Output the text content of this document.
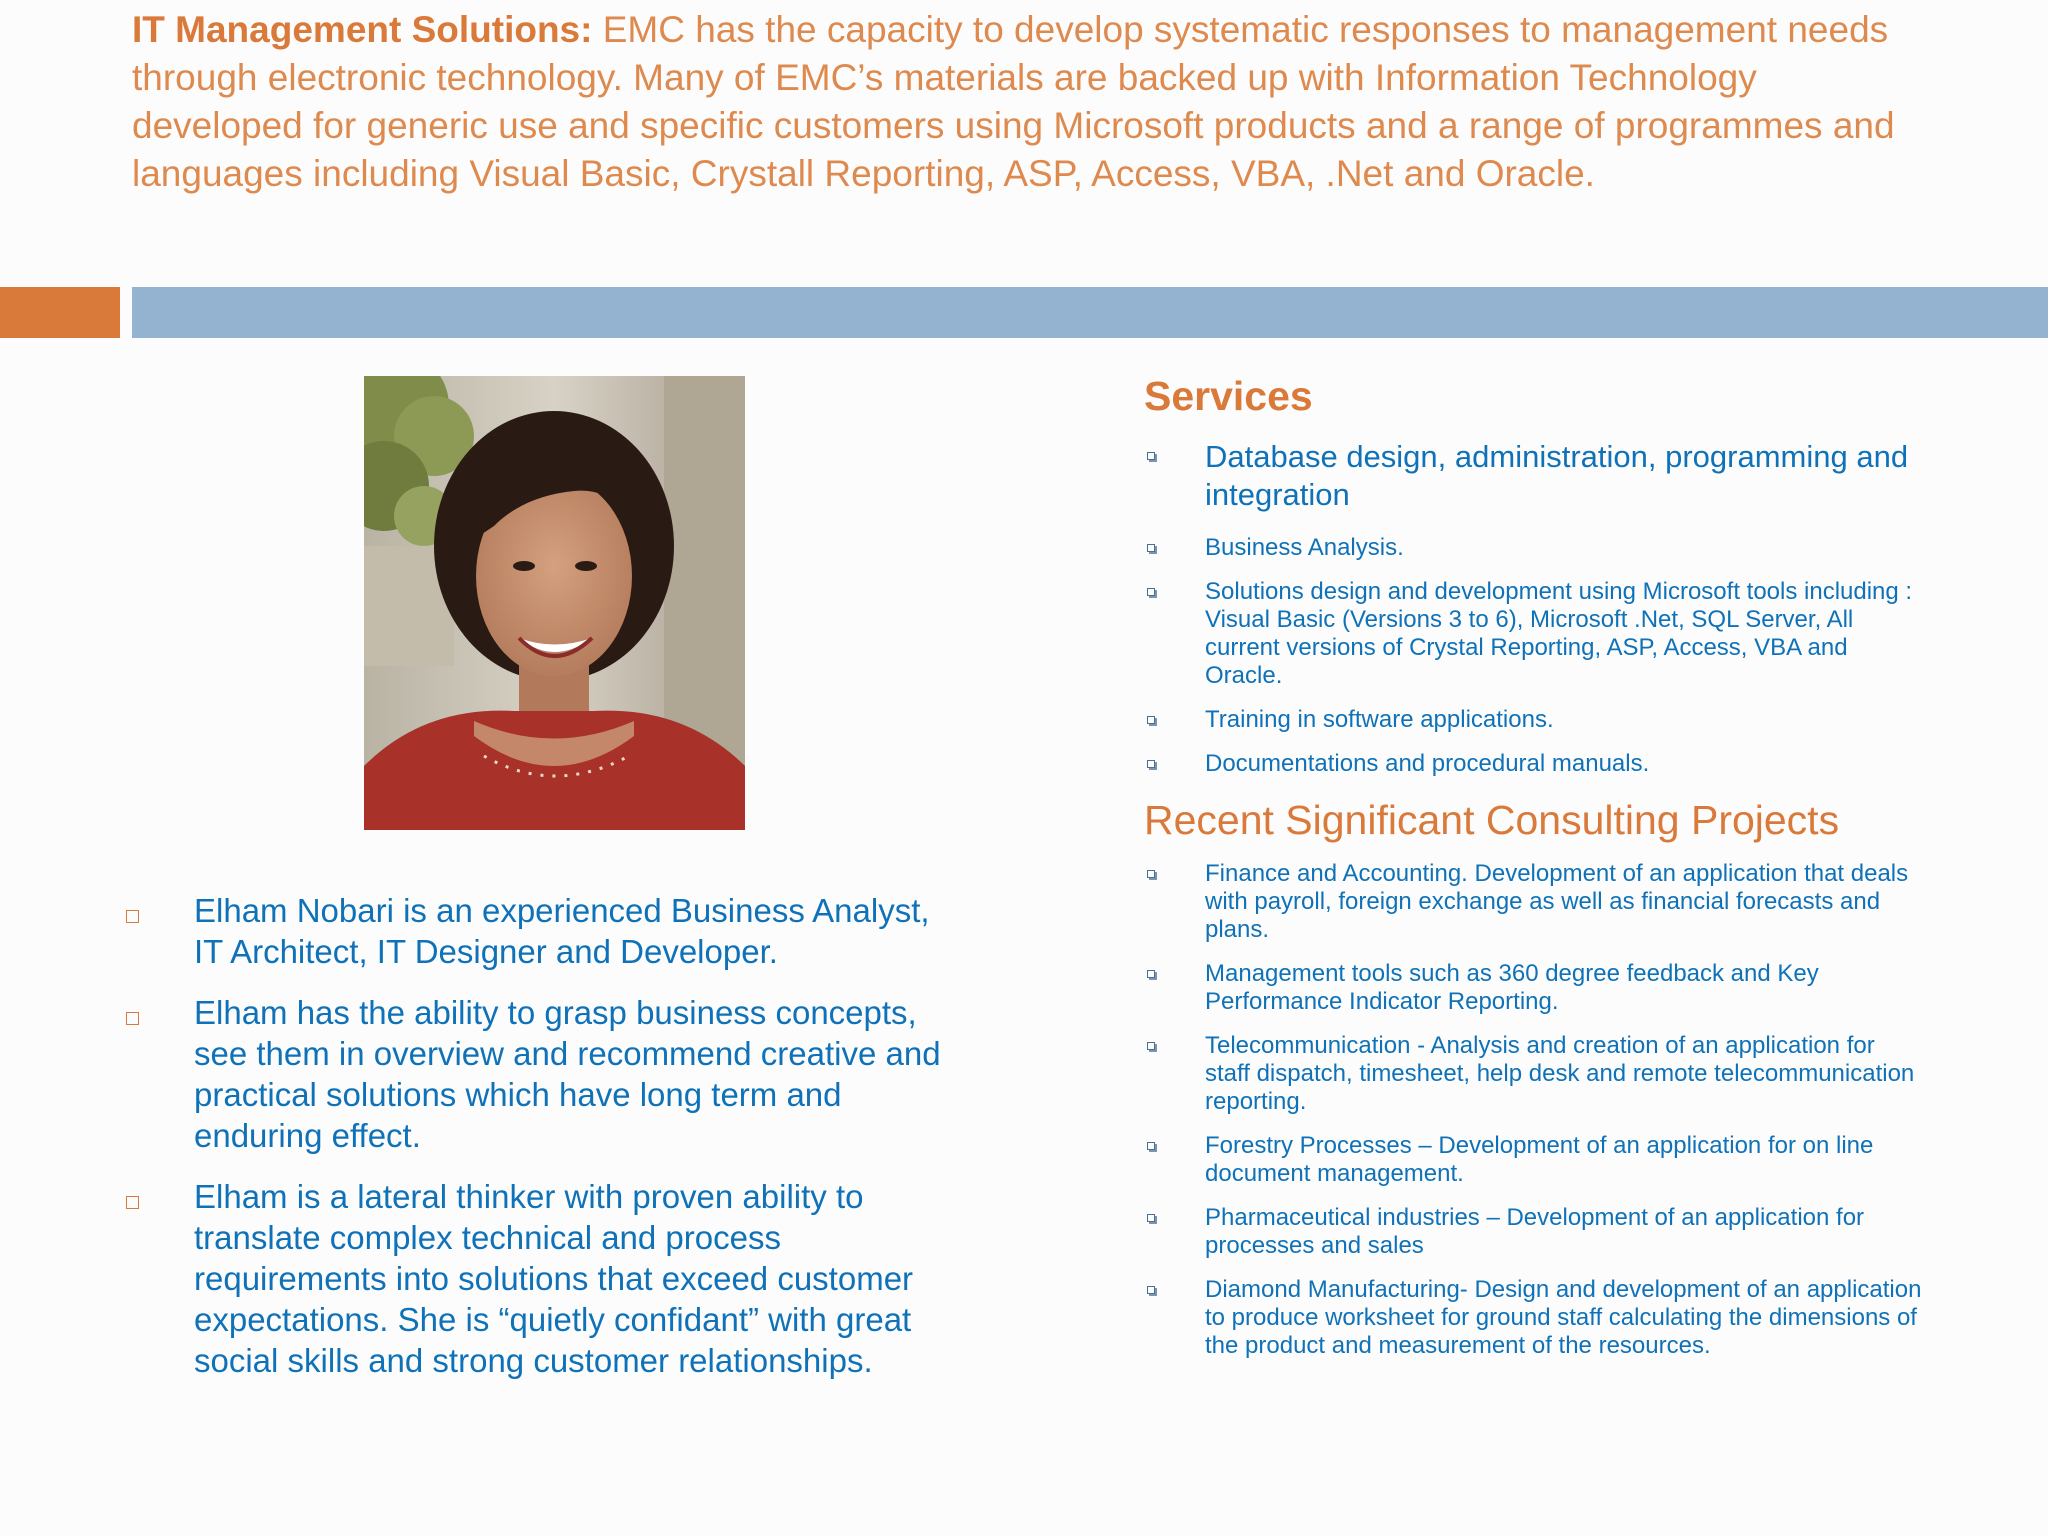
IT Management Solutions: EMC has the capacity to develop systematic responses to management needs through electronic technology. Many of EMC’s materials are backed up with Information Technology developed for generic use and specific customers using Microsoft products and a range of programmes and languages including Visual Basic, Crystall Reporting, ASP, Access, VBA, .Net and Oracle.

Elham Nobari is an experienced Business Analyst, IT Architect, IT Designer and Developer.
Elham has the ability to grasp business concepts, see them in overview and recommend creative and practical solutions which have long term and enduring effect.
Elham is a lateral thinker with proven ability to translate complex technical and process requirements into solutions that exceed customer expectations. She is “quietly confidant” with great social skills and strong customer relationships.
Services
Database design, administration, programming and integration
Business Analysis.
Solutions design and development using Microsoft tools including : Visual Basic (Versions 3 to 6), Microsoft .Net, SQL Server, All current versions of Crystal Reporting, ASP, Access, VBA and Oracle.
Training in software applications.
Documentations and procedural manuals.
Recent Significant Consulting Projects
Finance and Accounting. Development of an application that deals with payroll, foreign exchange as well as financial forecasts and plans.
Management tools such as 360 degree feedback and Key Performance Indicator Reporting.
Telecommunication - Analysis and creation of an application for staff dispatch, timesheet, help desk and remote telecommunication reporting.
Forestry Processes – Development of an application for on line document management.
Pharmaceutical industries – Development of an application for processes and sales
Diamond Manufacturing- Design and development of an application to produce worksheet for ground staff calculating the dimensions of the product and measurement of the resources.
